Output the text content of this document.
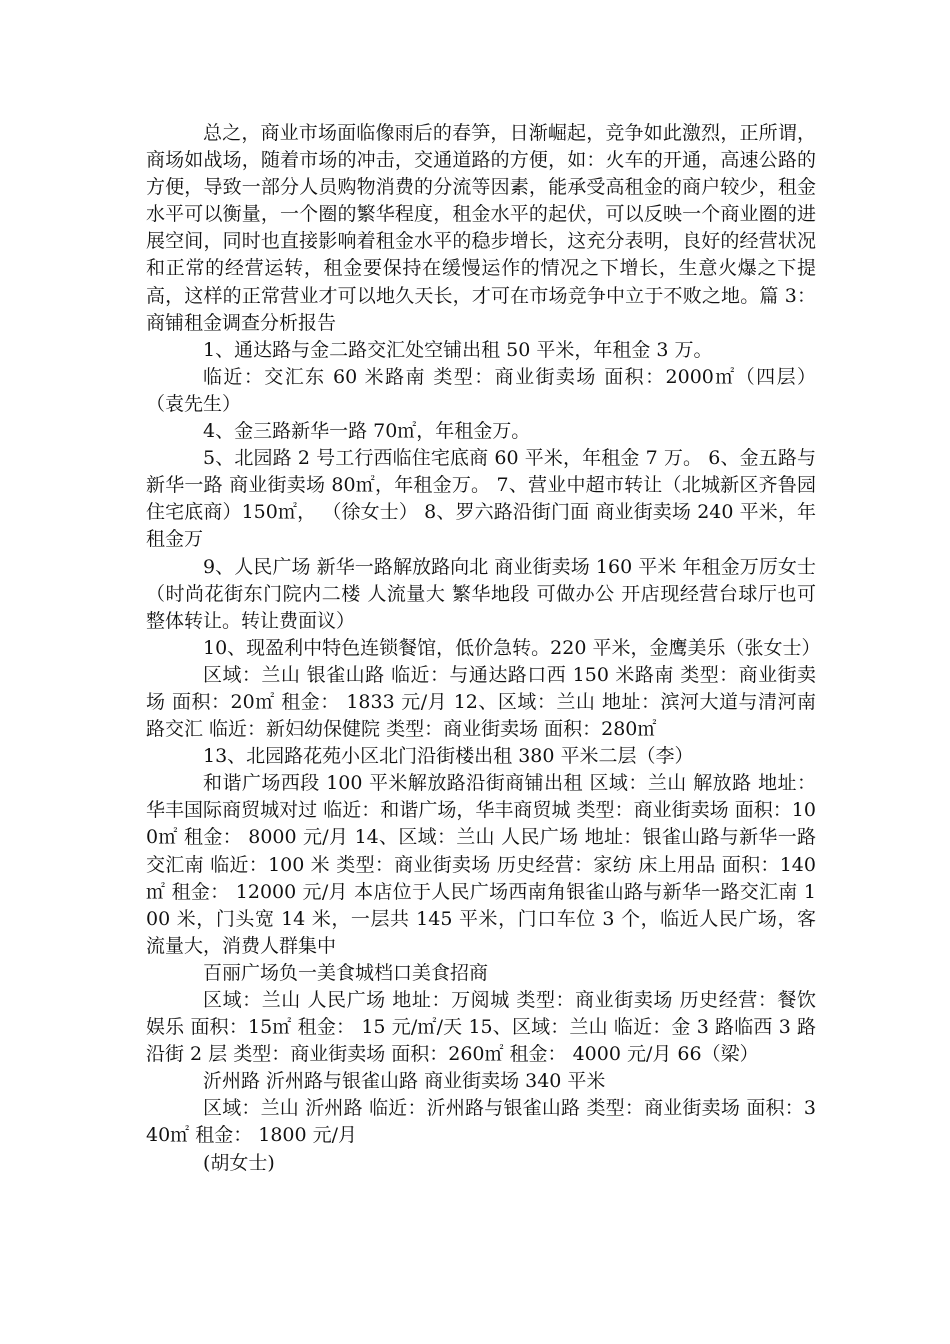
总之，商业市场面临像雨后的春笋，日渐崛起，竞争如此激烈，正所谓，商场如战场，随着市场的冲击，交通道路的方便，如：火车的开通，高速公路的方便，导致一部分人员购物消费的分流等因素，能承受高租金的商户较少，租金水平可以衡量，一个圈的繁华程度，租金水平的起伏，可以反映一个商业圈的进展空间，同时也直接影响着租金水平的稳步增长，这充分表明，良好的经营状况和正常的经营运转，租金要保持在缓慢运作的情况之下增长，生意火爆之下提高，这样的正常营业才可以地久天长，才可在市场竞争中立于不败之地。篇 3：商铺租金调查分析报告

1、通达路与金二路交汇处空铺出租 50 平米，年租金 3 万。

临近：交汇东 60 米路南 类型：商业街卖场 面积：2000㎡（四层） （袁先生）

4、金三路新华一路 70㎡，年租金万。

5、北园路 2 号工行西临住宅底商 60 平米，年租金 7 万。 6、金五路与新华一路 商业街卖场 80㎡，年租金万。 7、营业中超市转让（北城新区齐鲁园住宅底商）150㎡， （徐女士） 8、罗六路沿街门面 商业街卖场 240 平米，年租金万

9、人民广场 新华一路解放路向北 商业街卖场 160 平米 年租金万厉女士（时尚花街东门院内二楼 人流量大 繁华地段 可做办公 开店现经营台球厅也可整体转让。转让费面议）

10、现盈利中特色连锁餐馆，低价急转。220 平米，金鹰美乐（张女士）

区域：兰山 银雀山路 临近：与通达路口西 150 米路南 类型：商业街卖场 面积：20㎡ 租金： 1833 元/月 12、区域：兰山 地址：滨河大道与清河南路交汇 临近：新妇幼保健院 类型：商业街卖场 面积：280㎡

13、北园路花苑小区北门沿街楼出租 380 平米二层（李）

和谐广场西段 100 平米解放路沿街商铺出租 区域：兰山 解放路 地址：华丰国际商贸城对过 临近：和谐广场，华丰商贸城 类型：商业街卖场 面积：100㎡ 租金： 8000 元/月 14、区域：兰山 人民广场 地址：银雀山路与新华一路交汇南 临近：100 米 类型：商业街卖场 历史经营：家纺 床上用品 面积：140㎡ 租金： 12000 元/月 本店位于人民广场西南角银雀山路与新华一路交汇南 100 米，门头宽 14 米，一层共 145 平米，门口车位 3 个，临近人民广场，客流量大，消费人群集中

百丽广场负一美食城档口美食招商

区域：兰山 人民广场 地址：万阅城 类型：商业街卖场 历史经营：餐饮娱乐 面积：15㎡ 租金： 15 元/㎡/天 15、区域：兰山 临近：金 3 路临西 3 路沿街 2 层 类型：商业街卖场 面积：260㎡ 租金： 4000 元/月 66（梁）

沂州路 沂州路与银雀山路 商业街卖场 340 平米

区域：兰山 沂州路 临近：沂州路与银雀山路 类型：商业街卖场 面积：340㎡ 租金： 1800 元/月

(胡女士)
